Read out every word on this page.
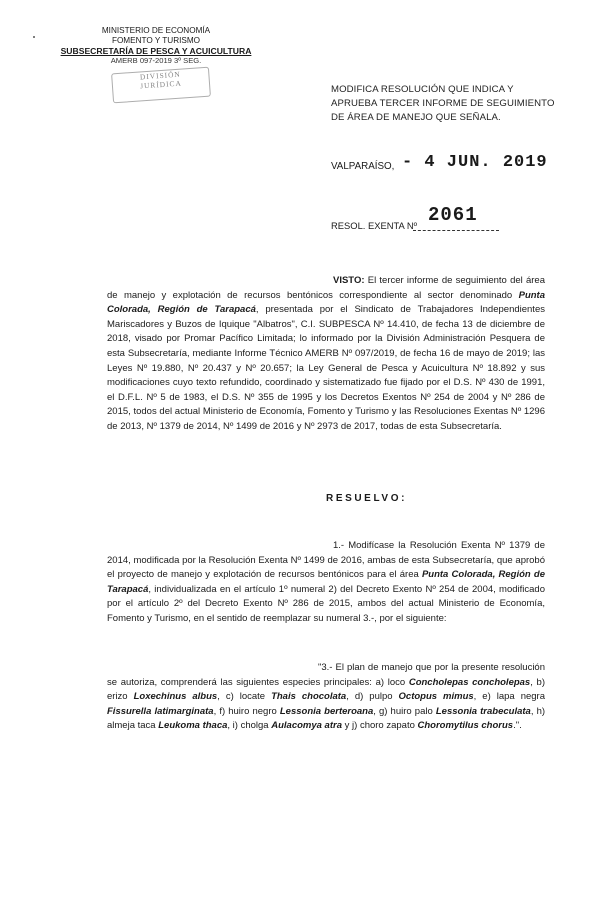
MINISTERIO DE ECONOMÍA
FOMENTO Y TURISMO
SUBSECRETARÍA DE PESCA Y ACUICULTURA
AMERB 097-2019 3º SEG.
DIVISIÓN
JURÍDICA	MODIFICA RESOLUCIÓN QUE INDICA Y APRUEBA TERCER INFORME DE SEGUIMIENTO DE ÁREA DE MANEJO QUE SEÑALA.
VALPARAÍSO, - 4 JUN. 2019
RESOL. EXENTA Nº 2061
VISTO: El tercer informe de seguimiento del área de manejo y explotación de recursos bentónicos correspondiente al sector denominado Punta Colorada, Región de Tarapacá, presentada por el Sindicato de Trabajadores Independientes Mariscadores y Buzos de Iquique "Albatros", C.I. SUBPESCA Nº 14.410, de fecha 13 de diciembre de 2018, visado por Promar Pacífico Limitada; lo informado por la División Administración Pesquera de esta Subsecretaría, mediante Informe Técnico AMERB Nº 097/2019, de fecha 16 de mayo de 2019; las Leyes Nº 19.880, Nº 20.437 y Nº 20.657; la Ley General de Pesca y Acuicultura Nº 18.892 y sus modificaciones cuyo texto refundido, coordinado y sistematizado fue fijado por el D.S. Nº 430 de 1991, el D.F.L. Nº 5 de 1983, el D.S. Nº 355 de 1995 y los Decretos Exentos Nº 254 de 2004 y Nº 286 de 2015, todos del actual Ministerio de Economía, Fomento y Turismo y las Resoluciones Exentas Nº 1296 de 2013, Nº 1379 de 2014, Nº 1499 de 2016 y Nº 2973 de 2017, todas de esta Subsecretaría.
RESUELVO:
1.- Modifícase la Resolución Exenta Nº 1379 de 2014, modificada por la Resolución Exenta Nº 1499 de 2016, ambas de esta Subsecretaría, que aprobó el proyecto de manejo y explotación de recursos bentónicos para el área Punta Colorada, Región de Tarapacá, individualizada en el artículo 1º numeral 2) del Decreto Exento Nº 254 de 2004, modificado por el artículo 2º del Decreto Exento Nº 286 de 2015, ambos del actual Ministerio de Economía, Fomento y Turismo, en el sentido de reemplazar su numeral 3.-, por el siguiente:
"3.- El plan de manejo que por la presente resolución se autoriza, comprenderá las siguientes especies principales: a) loco Concholepas concholepas, b) erizo Loxechinus albus, c) locate Thais chocolata, d) pulpo Octopus mimus, e) lapa negra Fissurella latimarginata, f) huiro negro Lessonia berteroana, g) huiro palo Lessonia trabeculata, h) almeja taca Leukoma thaca, i) cholga Aulacomya atra y j) choro zapato Choromytilus chorus.".
